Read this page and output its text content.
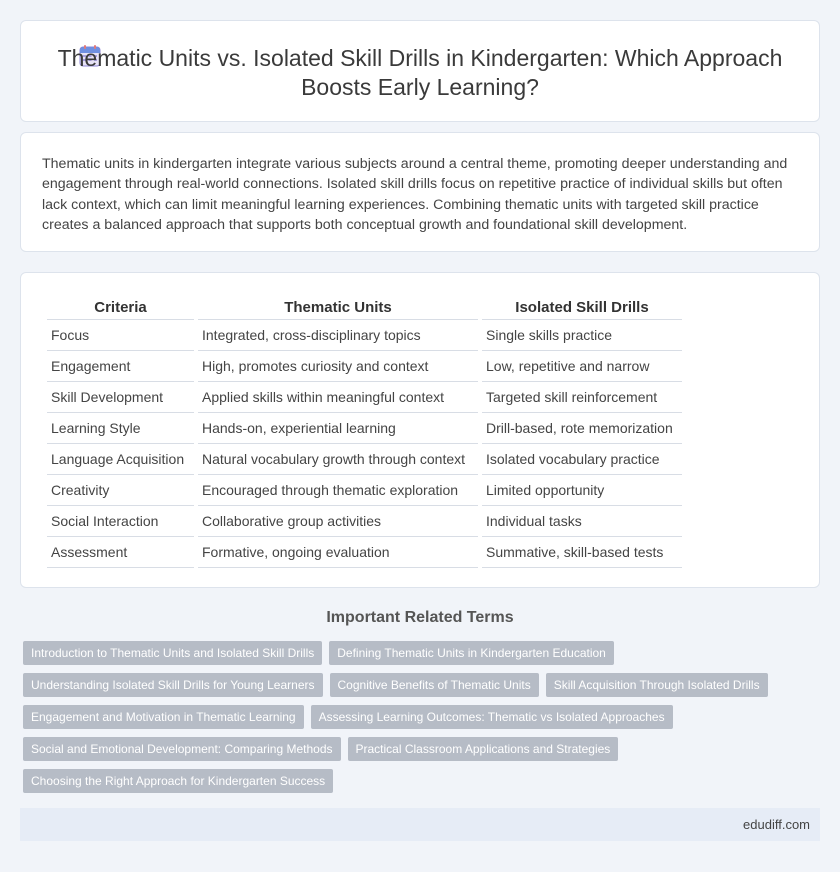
Thematic Units vs. Isolated Skill Drills in Kindergarten: Which Approach Boosts Early Learning?

Thematic units in kindergarten integrate various subjects around a central theme, promoting deeper understanding and engagement through real-world connections. Isolated skill drills focus on repetitive practice of individual skills but often lack context, which can limit meaningful learning experiences. Combining thematic units with targeted skill practice creates a balanced approach that supports both conceptual growth and foundational skill development.

Criteria	Thematic Units	Isolated Skill Drills
Focus	Integrated, cross-disciplinary topics	Single skills practice
Engagement	High, promotes curiosity and context	Low, repetitive and narrow
Skill Development	Applied skills within meaningful context	Targeted skill reinforcement
Learning Style	Hands-on, experiential learning	Drill-based, rote memorization
Language Acquisition	Natural vocabulary growth through context	Isolated vocabulary practice
Creativity	Encouraged through thematic exploration	Limited opportunity
Social Interaction	Collaborative group activities	Individual tasks
Assessment	Formative, ongoing evaluation	Summative, skill-based tests
Important Related Terms
Introduction to Thematic Units and Isolated Skill Drills	Defining Thematic Units in Kindergarten Education
Understanding Isolated Skill Drills for Young Learners	Cognitive Benefits of Thematic Units	Skill Acquisition Through Isolated Drills
Engagement and Motivation in Thematic Learning	Assessing Learning Outcomes: Thematic vs Isolated Approaches
Social and Emotional Development: Comparing Methods	Practical Classroom Applications and Strategies
Choosing the Right Approach for Kindergarten Success
edudiff.com
